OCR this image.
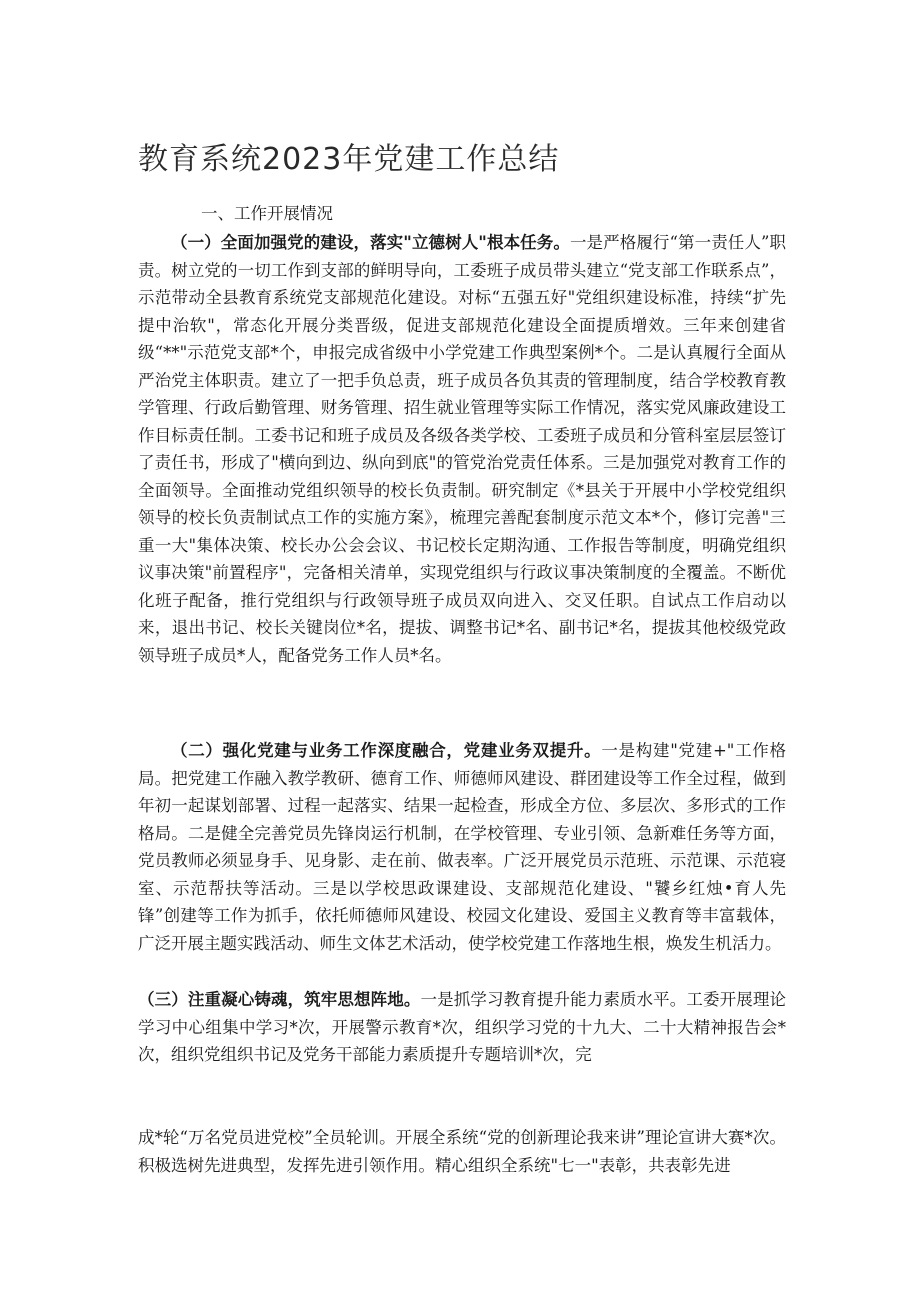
教育系统2023年党建工作总结
一、工作开展情况

（一）全面加强党的建设，落实"立德树人"根本任务。一是严格履行“第一责任人”职责。树立党的一切工作到支部的鲜明导向，工委班子成员带头建立“党支部工作联系点”，示范带动全县教育系统党支部规范化建设。对标“五强五好"党组织建设标准，持续“扩先提中治软"，常态化开展分类晋级，促进支部规范化建设全面提质增效。三年来创建省级“**"示范党支部*个，申报完成省级中小学党建工作典型案例*个。二是认真履行全面从严治党主体职责。建立了一把手负总责，班子成员各负其责的管理制度，结合学校教育教学管理、行政后勤管理、财务管理、招生就业管理等实际工作情况，落实党风廉政建设工作目标责任制。工委书记和班子成员及各级各类学校、工委班子成员和分管科室层层签订了责任书，形成了"横向到边、纵向到底"的管党治党责任体系。三是加强党对教育工作的全面领导。全面推动党组织领导的校长负责制。研究制定《*县关于开展中小学校党组织领导的校长负责制试点工作的实施方案》，梳理完善配套制度示范文本*个，修订完善"三重一大"集体决策、校长办公会会议、书记校长定期沟通、工作报告等制度，明确党组织议事决策"前置程序"，完备相关清单，实现党组织与行政议事决策制度的全覆盖。不断优化班子配备，推行党组织与行政领导班子成员双向进入、交叉任职。自试点工作启动以来，退出书记、校长关键岗位*名，提拔、调整书记*名、副书记*名，提拔其他校级党政领导班子成员*人，配备党务工作人员*名。

（二）强化党建与业务工作深度融合，党建业务双提升。一是构建"党建+"工作格局。把党建工作融入教学教研、德育工作、师德师风建设、群团建设等工作全过程，做到年初一起谋划部署、过程一起落实、结果一起检查，形成全方位、多层次、多形式的工作格局。二是健全完善党员先锋岗运行机制，在学校管理、专业引领、急新难任务等方面，党员教师必须显身手、见身影、走在前、做表率。广泛开展党员示范班、示范课、示范寝室、示范帮扶等活动。三是以学校思政课建设、支部规范化建设、"饕乡红烛•育人先锋”创建等工作为抓手，依托师德师风建设、校园文化建设、爱国主义教育等丰富载体，广泛开展主题实践活动、师生文体艺术活动，使学校党建工作落地生根，焕发生机活力。

（三）注重凝心铸魂，筑牢思想阵地。一是抓学习教育提升能力素质水平。工委开展理论学习中心组集中学习*次，开展警示教育*次，组织学习党的十九大、二十大精神报告会*次，组织党组织书记及党务干部能力素质提升专题培训*次，完

成*轮“万名党员进党校”全员轮训。开展全系统“党的创新理论我来讲”理论宣讲大赛*次。积极选树先进典型，发挥先进引领作用。精心组织全系统"七一"表彰，共表彰先进
